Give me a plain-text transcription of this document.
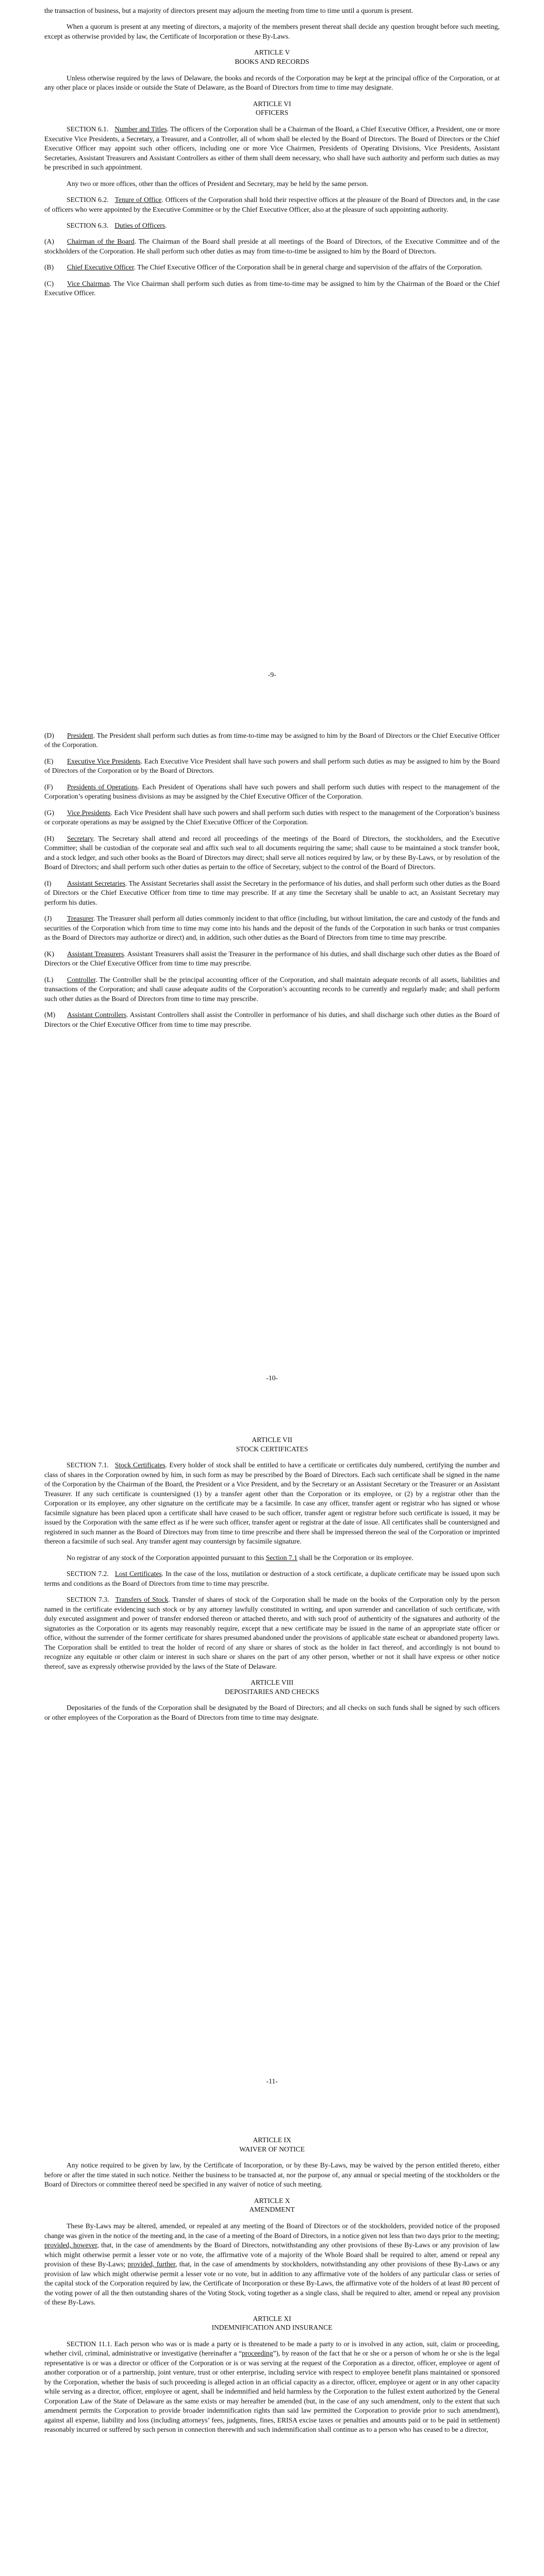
the transaction of business, but a majority of directors present may adjourn the meeting from time to time until a quorum is present.

When a quorum is present at any meeting of directors, a majority of the members present thereat shall decide any question brought before such meeting, except as otherwise provided by law, the Certificate of Incorporation or these By-Laws.

ARTICLE V
BOOKS AND RECORDS

Unless otherwise required by the laws of Delaware, the books and records of the Corporation may be kept at the principal office of the Corporation, or at any other place or places inside or outside the State of Delaware, as the Board of Directors from time to time may designate.

ARTICLE VI
OFFICERS

SECTION 6.1. Number and Titles. The officers of the Corporation shall be a Chairman of the Board, a Chief Executive Officer, a President, one or more Executive Vice Presidents, a Secretary, a Treasurer, and a Controller, all of whom shall be elected by the Board of Directors. The Board of Directors or the Chief Executive Officer may appoint such other officers, including one or more Vice Chairmen, Presidents of Operating Divisions, Vice Presidents, Assistant Secretaries, Assistant Treasurers and Assistant Controllers as either of them shall deem necessary, who shall have such authority and perform such duties as may be prescribed in such appointment.

Any two or more offices, other than the offices of President and Secretary, may be held by the same person.

SECTION 6.2. Tenure of Office. Officers of the Corporation shall hold their respective offices at the pleasure of the Board of Directors and, in the case of officers who were appointed by the Executive Committee or by the Chief Executive Officer, also at the pleasure of such appointing authority.

SECTION 6.3. Duties of Officers.

(A) Chairman of the Board. The Chairman of the Board shall preside at all meetings of the Board of Directors, of the Executive Committee and of the stockholders of the Corporation. He shall perform such other duties as may from time-to-time be assigned to him by the Board of Directors.

(B) Chief Executive Officer. The Chief Executive Officer of the Corporation shall be in general charge and supervision of the affairs of the Corporation.

(C) Vice Chairman. The Vice Chairman shall perform such duties as from time-to-time may be assigned to him by the Chairman of the Board or the Chief Executive Officer.

-9-

(D) President. The President shall perform such duties as from time-to-time may be assigned to him by the Board of Directors or the Chief Executive Officer of the Corporation.

(E) Executive Vice Presidents. Each Executive Vice President shall have such powers and shall perform such duties as may be assigned to him by the Board of Directors of the Corporation or by the Board of Directors.

(F) Presidents of Operations. Each President of Operations shall have such powers and shall perform such duties with respect to the management of the Corporation’s operating business divisions as may be assigned by the Chief Executive Officer of the Corporation.

(G) Vice Presidents. Each Vice President shall have such powers and shall perform such duties with respect to the management of the Corporation’s business or corporate operations as may be assigned by the Chief Executive Officer of the Corporation.

(H) Secretary. The Secretary shall attend and record all proceedings of the meetings of the Board of Directors, the stockholders, and the Executive Committee; shall be custodian of the corporate seal and affix such seal to all documents requiring the same; shall cause to be maintained a stock transfer book, and a stock ledger, and such other books as the Board of Directors may direct; shall serve all notices required by law, or by these By-Laws, or by resolution of the Board of Directors; and shall perform such other duties as pertain to the office of Secretary, subject to the control of the Board of Directors.

(I) Assistant Secretaries. The Assistant Secretaries shall assist the Secretary in the performance of his duties, and shall perform such other duties as the Board of Directors or the Chief Executive Officer from time to time may prescribe. If at any time the Secretary shall be unable to act, an Assistant Secretary may perform his duties.

(J) Treasurer. The Treasurer shall perform all duties commonly incident to that office (including, but without limitation, the care and custody of the funds and securities of the Corporation which from time to time may come into his hands and the deposit of the funds of the Corporation in such banks or trust companies as the Board of Directors may authorize or direct) and, in addition, such other duties as the Board of Directors from time to time may prescribe.

(K) Assistant Treasurers. Assistant Treasurers shall assist the Treasurer in the performance of his duties, and shall discharge such other duties as the Board of Directors or the Chief Executive Officer from time to time may prescribe.

(L) Controller. The Controller shall be the principal accounting officer of the Corporation, and shall maintain adequate records of all assets, liabilities and transactions of the Corporation; and shall cause adequate audits of the Corporation’s accounting records to be currently and regularly made; and shall perform such other duties as the Board of Directors from time to time may prescribe.

(M) Assistant Controllers. Assistant Controllers shall assist the Controller in performance of his duties, and shall discharge such other duties as the Board of Directors or the Chief Executive Officer from time to time may prescribe.

-10-
ARTICLE VII
STOCK CERTIFICATES

SECTION 7.1. Stock Certificates. Every holder of stock shall be entitled to have a certificate or certificates duly numbered, certifying the number and class of shares in the Corporation owned by him, in such form as may be prescribed by the Board of Directors. Each such certificate shall be signed in the name of the Corporation by the Chairman of the Board, the President or a Vice President, and by the Secretary or an Assistant Secretary or the Treasurer or an Assistant Treasurer. If any such certificate is countersigned (1) by a transfer agent other than the Corporation or its employee, or (2) by a registrar other than the Corporation or its employee, any other signature on the certificate may be a facsimile. In case any officer, transfer agent or registrar who has signed or whose facsimile signature has been placed upon a certificate shall have ceased to be such officer, transfer agent or registrar before such certificate is issued, it may be issued by the Corporation with the same effect as if he were such officer, transfer agent or registrar at the date of issue. All certificates shall be countersigned and registered in such manner as the Board of Directors may from time to time prescribe and there shall be impressed thereon the seal of the Corporation or imprinted thereon a facsimile of such seal. Any transfer agent may countersign by facsimile signature.

No registrar of any stock of the Corporation appointed pursuant to this Section 7.1 shall be the Corporation or its employee.

SECTION 7.2. Lost Certificates. In the case of the loss, mutilation or destruction of a stock certificate, a duplicate certificate may be issued upon such terms and conditions as the Board of Directors from time to time may prescribe.

SECTION 7.3. Transfers of Stock. Transfer of shares of stock of the Corporation shall be made on the books of the Corporation only by the person named in the certificate evidencing such stock or by any attorney lawfully constituted in writing, and upon surrender and cancellation of such certificate, with duly executed assignment and power of transfer endorsed thereon or attached thereto, and with such proof of authenticity of the signatures and authority of the signatories as the Corporation or its agents may reasonably require, except that a new certificate may be issued in the name of an appropriate state officer or office, without the surrender of the former certificate for shares presumed abandoned under the provisions of applicable state escheat or abandoned property laws. The Corporation shall be entitled to treat the holder of record of any share or shares of stock as the holder in fact thereof, and accordingly is not bound to recognize any equitable or other claim or interest in such share or shares on the part of any other person, whether or not it shall have express or other notice thereof, save as expressly otherwise provided by the laws of the State of Delaware.

ARTICLE VIII
DEPOSITARIES AND CHECKS

Depositaries of the funds of the Corporation shall be designated by the Board of Directors; and all checks on such funds shall be signed by such officers or other employees of the Corporation as the Board of Directors from time to time may designate.

-11-
ARTICLE IX
WAIVER OF NOTICE

Any notice required to be given by law, by the Certificate of Incorporation, or by these By-Laws, may be waived by the person entitled thereto, either before or after the time stated in such notice. Neither the business to be transacted at, nor the purpose of, any annual or special meeting of the stockholders or the Board of Directors or committee thereof need be specified in any waiver of notice of such meeting.

ARTICLE X
AMENDMENT

These By-Laws may be altered, amended, or repealed at any meeting of the Board of Directors or of the stockholders, provided notice of the proposed change was given in the notice of the meeting and, in the case of a meeting of the Board of Directors, in a notice given not less than two days prior to the meeting; provided, however, that, in the case of amendments by the Board of Directors, notwithstanding any other provisions of these By-Laws or any provision of law which might otherwise permit a lesser vote or no vote, the affirmative vote of a majority of the Whole Board shall be required to alter, amend or repeal any provision of these By-Laws; provided, further, that, in the case of amendments by stockholders, notwithstanding any other provisions of these By-Laws or any provision of law which might otherwise permit a lesser vote or no vote, but in addition to any affirmative vote of the holders of any particular class or series of the capital stock of the Corporation required by law, the Certificate of Incorporation or these By-Laws, the affirmative vote of the holders of at least 80 percent of the voting power of all the then outstanding shares of the Voting Stock, voting together as a single class, shall be required to alter, amend or repeal any provision of these By-Laws.

ARTICLE XI
INDEMNIFICATION AND INSURANCE

SECTION 11.1. Each person who was or is made a party or is threatened to be made a party to or is involved in any action, suit, claim or proceeding, whether civil, criminal, administrative or investigative (hereinafter a “proceeding”), by reason of the fact that he or she or a person of whom he or she is the legal representative is or was a director or officer of the Corporation or is or was serving at the request of the Corporation as a director, officer, employee or agent of another corporation or of a partnership, joint venture, trust or other enterprise, including service with respect to employee benefit plans maintained or sponsored by the Corporation, whether the basis of such proceeding is alleged action in an official capacity as a director, officer, employee or agent or in any other capacity while serving as a director, officer, employee or agent, shall be indemnified and held harmless by the Corporation to the fullest extent authorized by the General Corporation Law of the State of Delaware as the same exists or may hereafter be amended (but, in the case of any such amendment, only to the extent that such amendment permits the Corporation to provide broader indemnification rights than said law permitted the Corporation to provide prior to such amendment), against all expense, liability and loss (including attorneys’ fees, judgments, fines, ERISA excise taxes or penalties and amounts paid or to be paid in settlement) reasonably incurred or suffered by such person in connection therewith and such indemnification shall continue as to a person who has ceased to be a director,
